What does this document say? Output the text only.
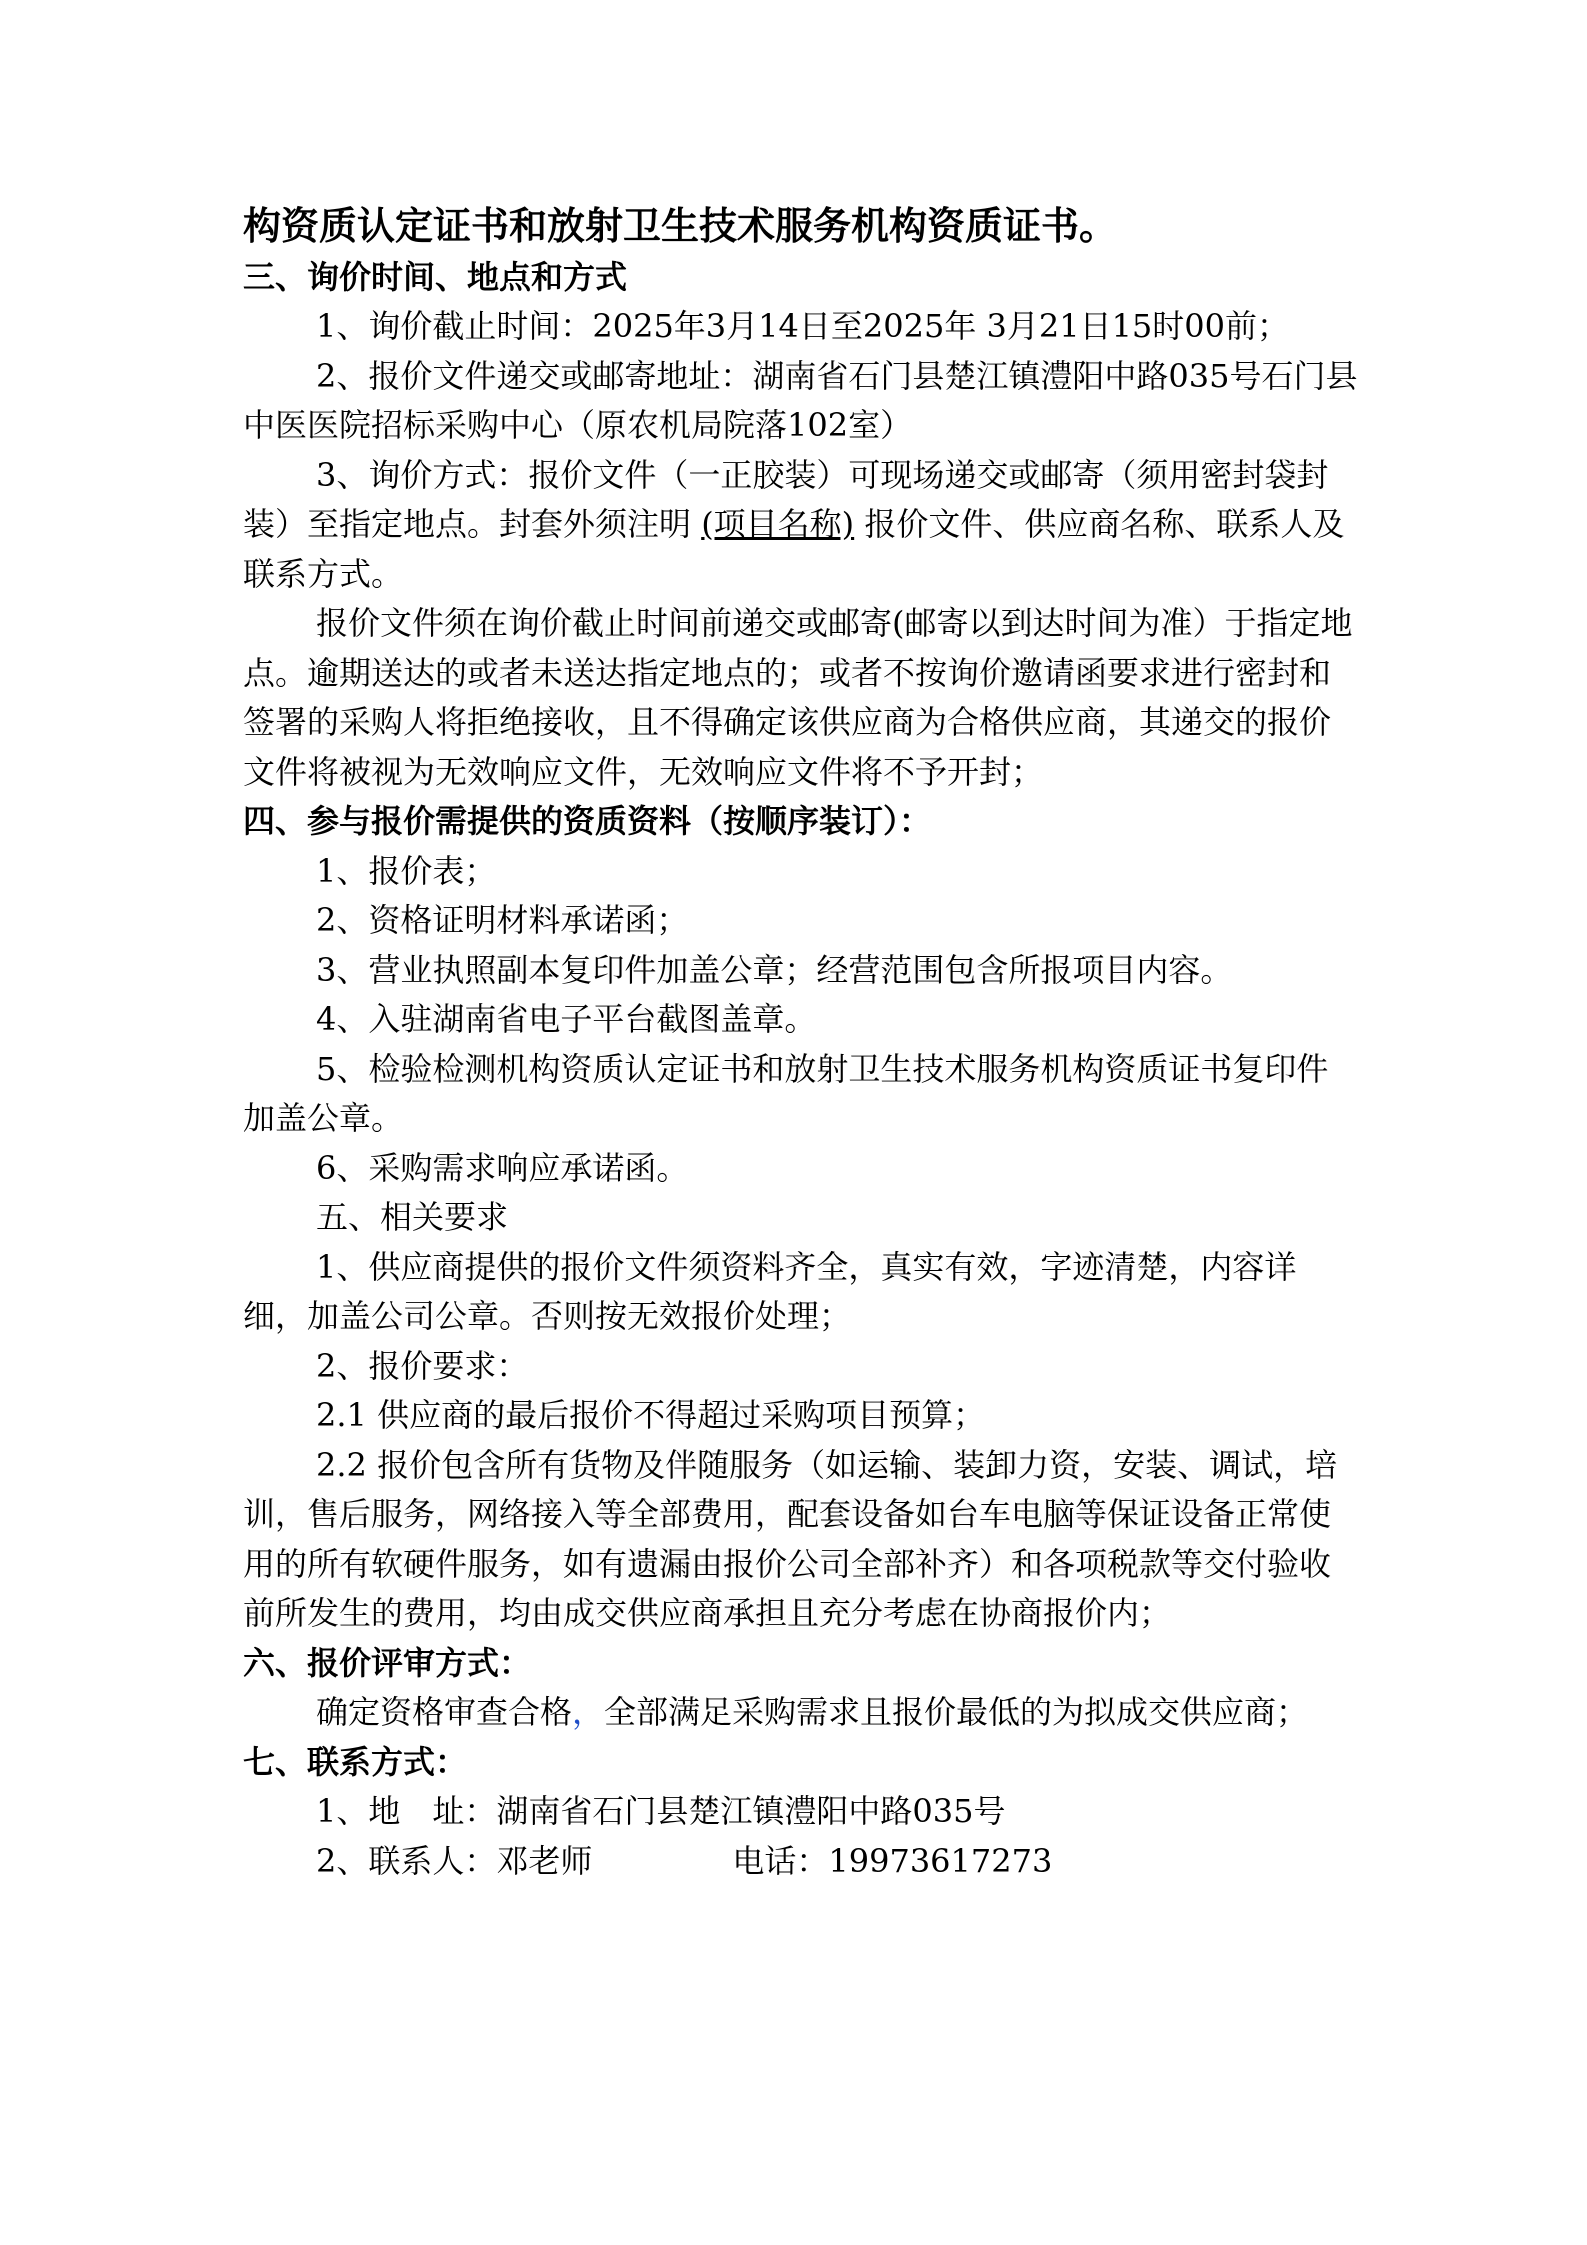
构资质认定证书和放射卫生技术服务机构资质证书。

三、询价时间、地点和方式

1、询价截止时间：2025年3月14日至2025年 3月21日15时00前；

2、报价文件递交或邮寄地址：湖南省石门县楚江镇澧阳中路035号石门县中医医院招标采购中心（原农机局院落102室）

3、询价方式：报价文件（一正胶装）可现场递交或邮寄（须用密封袋封装）至指定地点。封套外须注明 (项目名称) 报价文件、供应商名称、联系人及联系方式。

报价文件须在询价截止时间前递交或邮寄(邮寄以到达时间为准）于指定地点。逾期送达的或者未送达指定地点的；或者不按询价邀请函要求进行密封和签署的采购人将拒绝接收，且不得确定该供应商为合格供应商，其递交的报价文件将被视为无效响应文件，无效响应文件将不予开封；

四、参与报价需提供的资质资料（按顺序装订）：

1、报价表；

2、资格证明材料承诺函；

3、营业执照副本复印件加盖公章；经营范围包含所报项目内容。

4、入驻湖南省电子平台截图盖章。

5、检验检测机构资质认定证书和放射卫生技术服务机构资质证书复印件加盖公章。

6、采购需求响应承诺函。

五、相关要求

1、供应商提供的报价文件须资料齐全，真实有效，字迹清楚，内容详细，加盖公司公章。否则按无效报价处理；

2、报价要求：

2.1 供应商的最后报价不得超过采购项目预算；

2.2 报价包含所有货物及伴随服务（如运输、装卸力资，安装、调试，培训，售后服务，网络接入等全部费用，配套设备如台车电脑等保证设备正常使用的所有软硬件服务，如有遗漏由报价公司全部补齐）和各项税款等交付验收前所发生的费用，均由成交供应商承担且充分考虑在协商报价内；

六、报价评审方式：

确定资格审查合格，全部满足采购需求且报价最低的为拟成交供应商；

七、联系方式：

1、地　址：湖南省石门县楚江镇澧阳中路035号

2、联系人：邓老师	电话：19973617273
